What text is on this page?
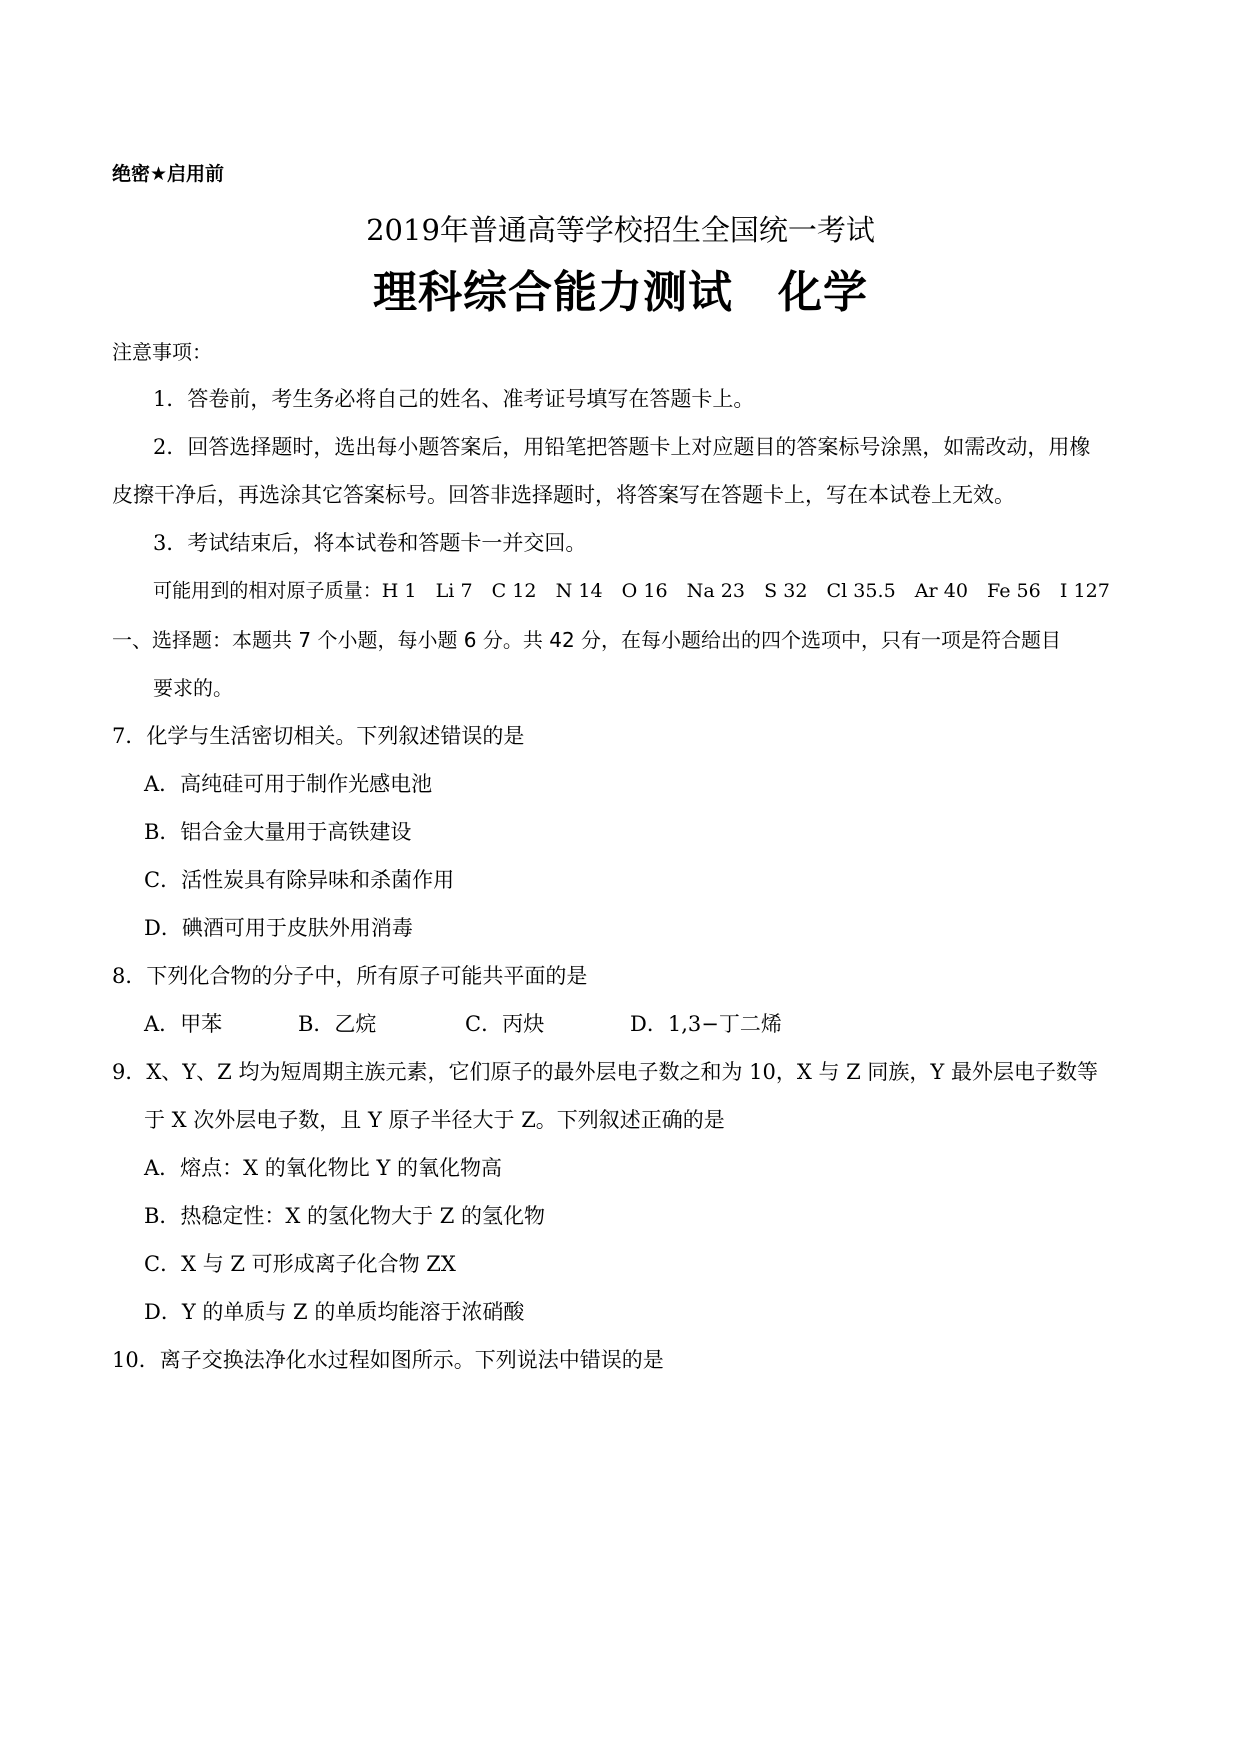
绝密★启用前
2019年普通高等学校招生全国统一考试
理科综合能力测试　化学
注意事项：
1．答卷前，考生务必将自己的姓名、准考证号填写在答题卡上。
2．回答选择题时，选出每小题答案后，用铅笔把答题卡上对应题目的答案标号涂黑，如需改动，用橡
皮擦干净后，再选涂其它答案标号。回答非选择题时，将答案写在答题卡上，写在本试卷上无效。
3．考试结束后，将本试卷和答题卡一并交回。
可能用到的相对原子质量：H 1　Li 7　C 12　N 14　O 16　Na 23　S 32　Cl 35.5　Ar 40　Fe 56　I 127
一、选择题：本题共 7 个小题，每小题 6 分。共 42 分，在每小题给出的四个选项中，只有一项是符合题目
要求的。
7．化学与生活密切相关。下列叙述错误的是
A．高纯硅可用于制作光感电池
B．铝合金大量用于高铁建设
C．活性炭具有除异味和杀菌作用
D．碘酒可用于皮肤外用消毒
8．下列化合物的分子中，所有原子可能共平面的是
A．甲苯	B．乙烷	C．丙炔	D．1,3−丁二烯
9．X、Y、Z 均为短周期主族元素，它们原子的最外层电子数之和为 10，X 与 Z 同族，Y 最外层电子数等
于 X 次外层电子数，且 Y 原子半径大于 Z。下列叙述正确的是
A．熔点：X 的氧化物比 Y 的氧化物高
B．热稳定性：X 的氢化物大于 Z 的氢化物
C．X 与 Z 可形成离子化合物 ZX
D．Y 的单质与 Z 的单质均能溶于浓硝酸
10．离子交换法净化水过程如图所示。下列说法中错误的是
